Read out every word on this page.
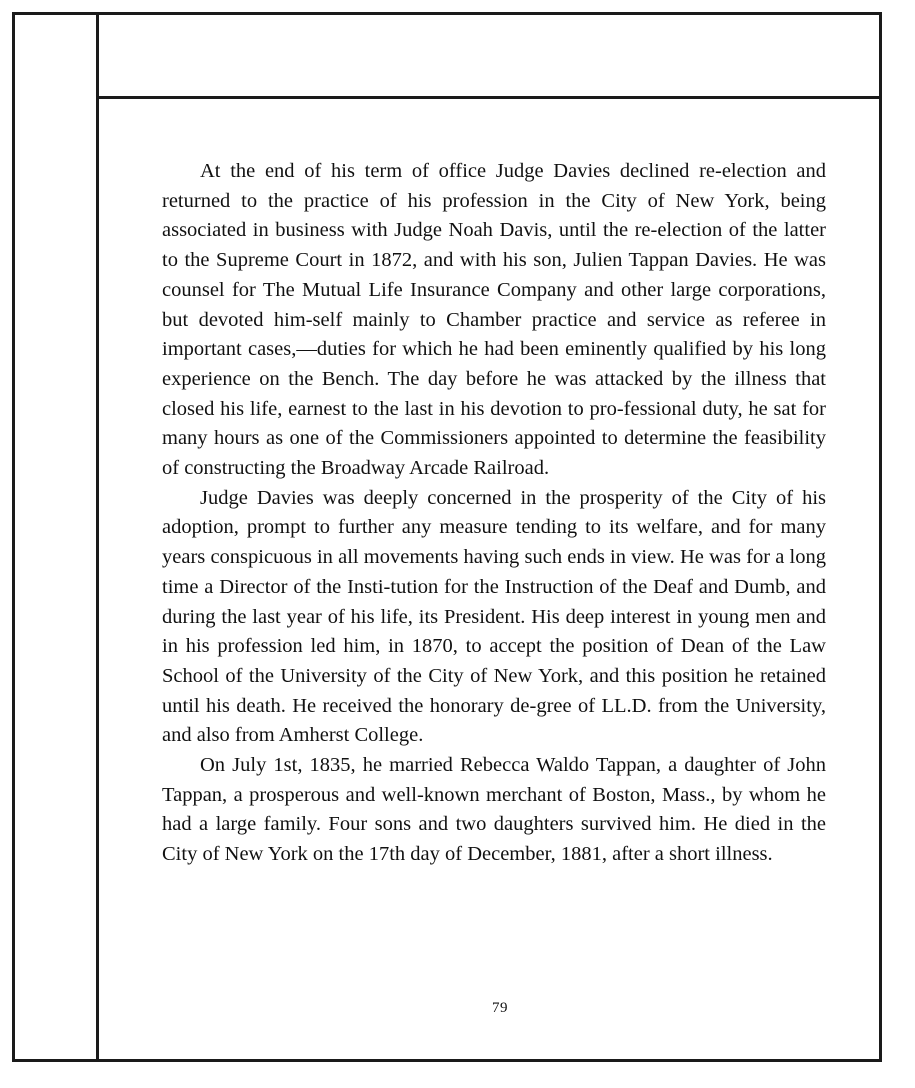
At the end of his term of office Judge Davies declined re-election and returned to the practice of his profession in the City of New York, being associated in business with Judge Noah Davis, until the re-election of the latter to the Supreme Court in 1872, and with his son, Julien Tappan Davies. He was counsel for The Mutual Life Insurance Company and other large corporations, but devoted him-self mainly to Chamber practice and service as referee in important cases,—duties for which he had been eminently qualified by his long experience on the Bench. The day before he was attacked by the illness that closed his life, earnest to the last in his devotion to pro-fessional duty, he sat for many hours as one of the Commissioners appointed to determine the feasibility of constructing the Broadway Arcade Railroad.

Judge Davies was deeply concerned in the prosperity of the City of his adoption, prompt to further any measure tending to its welfare, and for many years conspicuous in all movements having such ends in view. He was for a long time a Director of the Insti-tution for the Instruction of the Deaf and Dumb, and during the last year of his life, its President. His deep interest in young men and in his profession led him, in 1870, to accept the position of Dean of the Law School of the University of the City of New York, and this position he retained until his death. He received the honorary de-gree of LL.D. from the University, and also from Amherst College.

On July 1st, 1835, he married Rebecca Waldo Tappan, a daughter of John Tappan, a prosperous and well-known merchant of Boston, Mass., by whom he had a large family. Four sons and two daughters survived him. He died in the City of New York on the 17th day of December, 1881, after a short illness.

79
